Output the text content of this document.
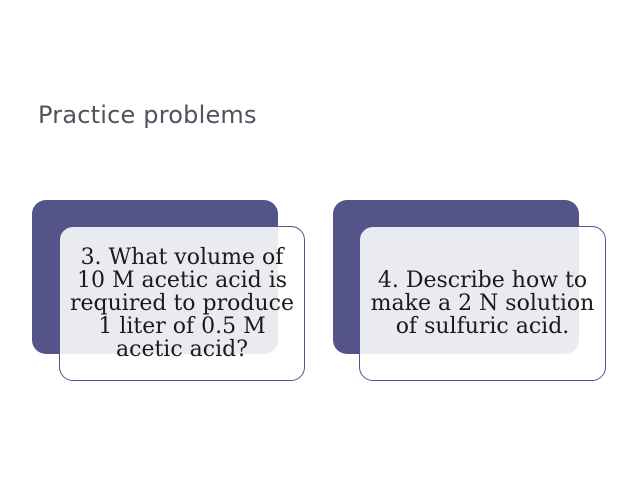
Practice problems
3. What volume of 10 M acetic acid is required to produce 1 liter of 0.5 M acetic acid?
4. Describe how to make a 2 N solution of sulfuric acid.
